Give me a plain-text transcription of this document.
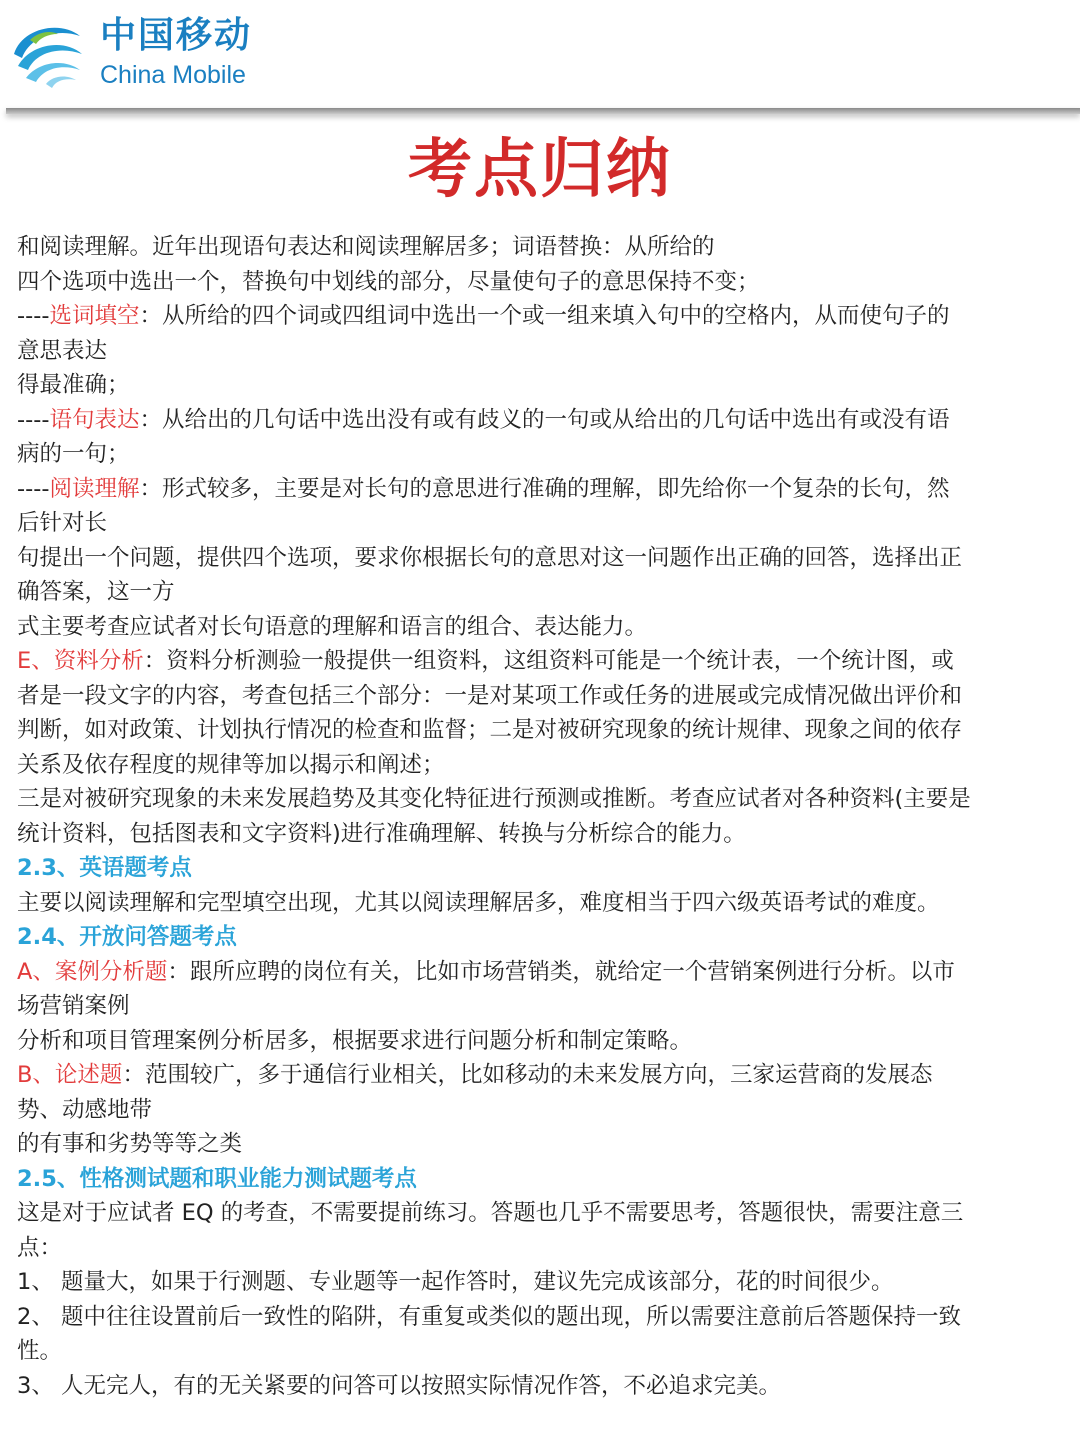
中国移动
China Mobile
考点归纳
和阅读理解。近年出现语句表达和阅读理解居多；词语替换：从所给的
四个选项中选出一个，替换句中划线的部分，尽量使句子的意思保持不变；
----选词填空：从所给的四个词或四组词中选出一个或一组来填入句中的空格内，从而使句子的
意思表达
得最准确；
----语句表达：从给出的几句话中选出没有或有歧义的一句或从给出的几句话中选出有或没有语
病的一句；
----阅读理解：形式较多，主要是对长句的意思进行准确的理解，即先给你一个复杂的长句，然
后针对长
句提出一个问题，提供四个选项，要求你根据长句的意思对这一问题作出正确的回答，选择出正
确答案，这一方
式主要考查应试者对长句语意的理解和语言的组合、表达能力。
E、资料分析：资料分析测验一般提供一组资料，这组资料可能是一个统计表，一个统计图，或
者是一段文字的内容，考查包括三个部分：一是对某项工作或任务的进展或完成情况做出评价和
判断，如对政策、计划执行情况的检查和监督；二是对被研究现象的统计规律、现象之间的依存
关系及依存程度的规律等加以揭示和阐述；
三是对被研究现象的未来发展趋势及其变化特征进行预测或推断。考查应试者对各种资料(主要是
统计资料，包括图表和文字资料)进行准确理解、转换与分析综合的能力。
2.3、英语题考点
主要以阅读理解和完型填空出现，尤其以阅读理解居多，难度相当于四六级英语考试的难度。
2.4、开放问答题考点
A、案例分析题：跟所应聘的岗位有关，比如市场营销类，就给定一个营销案例进行分析。以市
场营销案例
分析和项目管理案例分析居多，根据要求进行问题分析和制定策略。
B、论述题：范围较广，多于通信行业相关，比如移动的未来发展方向，三家运营商的发展态
势、动感地带
的有事和劣势等等之类
2.5、性格测试题和职业能力测试题考点
这是对于应试者 EQ 的考查，不需要提前练习。答题也几乎不需要思考，答题很快，需要注意三
点：
1、 题量大，如果于行测题、专业题等一起作答时，建议先完成该部分，花的时间很少。
2、 题中往往设置前后一致性的陷阱，有重复或类似的题出现，所以需要注意前后答题保持一致
性。
3、 人无完人，有的无关紧要的问答可以按照实际情况作答，不必追求完美。
